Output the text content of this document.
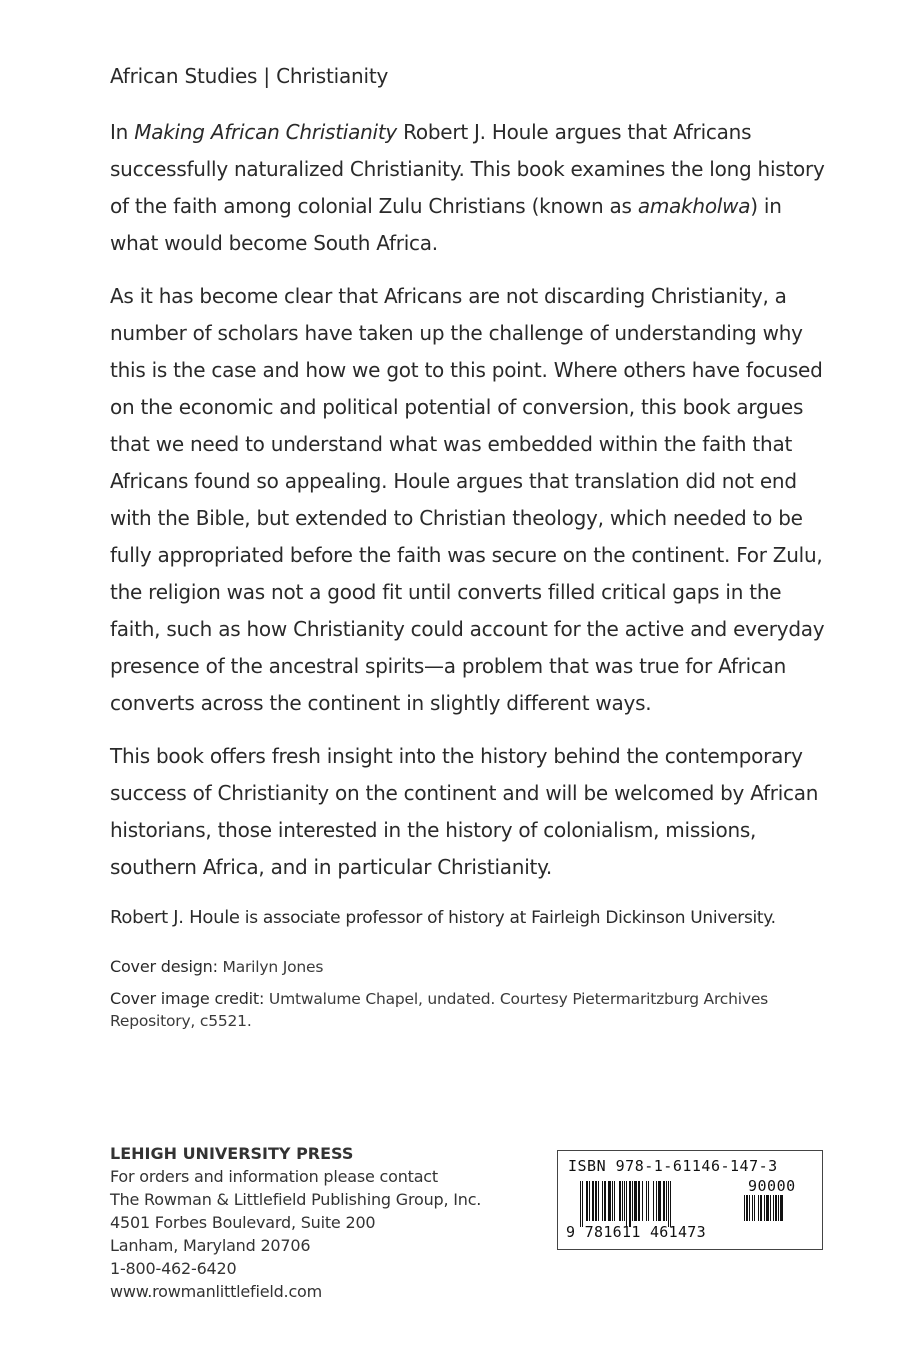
African Studies | Christianity

In Making African Christianity Robert J. Houle argues that Africans successfully naturalized Christianity. This book examines the long history of the faith among colonial Zulu Christians (known as amakholwa) in what would become South Africa.

As it has become clear that Africans are not discarding Christianity, a number of scholars have taken up the challenge of understanding why this is the case and how we got to this point. Where others have focused on the economic and political potential of conversion, this book argues that we need to understand what was embedded within the faith that Africans found so appealing. Houle argues that translation did not end with the Bible, but extended to Christian theology, which needed to be fully appropriated before the faith was secure on the continent. For Zulu, the religion was not a good fit until converts filled critical gaps in the faith, such as how Christianity could account for the active and everyday presence of the ancestral spirits—a problem that was true for African converts across the continent in slightly different ways.

This book offers fresh insight into the history behind the contemporary success of Christianity on the continent and will be welcomed by African historians, those interested in the history of colonialism, missions, southern Africa, and in particular Christianity.

Robert J. Houle is associate professor of history at Fairleigh Dickinson University.

Cover design: Marilyn Jones

Cover image credit: Umtwalume Chapel, undated. Courtesy Pietermaritzburg Archives Repository, c5521.

LEHIGH UNIVERSITY PRESS
For orders and information please contact
The Rowman & Littlefield Publishing Group, Inc.
4501 Forbes Boulevard, Suite 200
Lanham, Maryland 20706
1-800-462-6420
www.rowmanlittlefield.com
ISBN 978-1-61146-147-3
90000
9 781611 461473
